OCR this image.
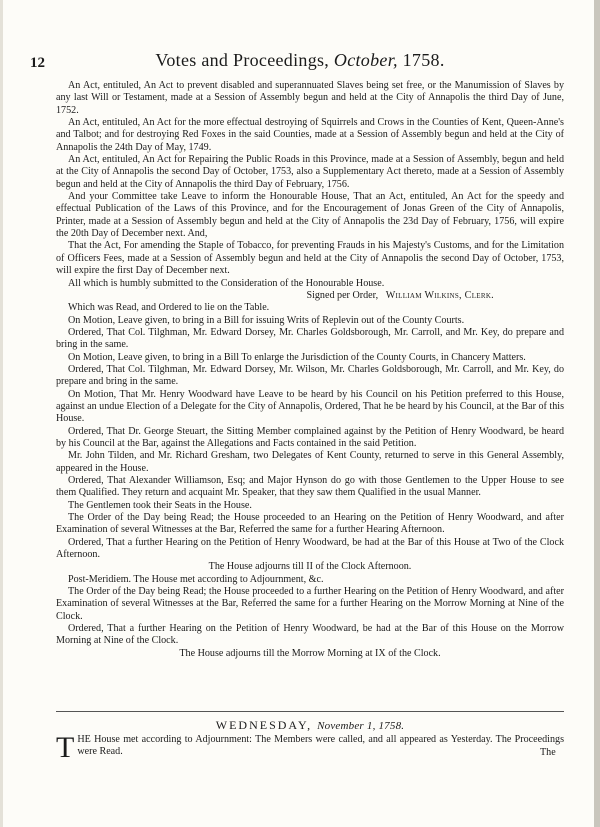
12	Votes and Proceedings, October, 1758.

An Act, entituled, An Act to prevent disabled and superannuated Slaves being set free, or the Manumission of Slaves by any last Will or Testament, made at a Session of Assembly begun and held at the City of Annapolis the third Day of June, 1752.

An Act, entituled, An Act for the more effectual destroying of Squirrels and Crows in the Counties of Kent, Queen-Anne's and Talbot; and for destroying Red Foxes in the said Counties, made at a Session of Assembly begun and held at the City of Annapolis the 24th Day of May, 1749.

An Act, entituled, An Act for Repairing the Public Roads in this Province, made at a Session of Assembly, begun and held at the City of Annapolis the second Day of October, 1753, also a Supplementary Act thereto, made at a Session of Assembly begun and held at the City of Annapolis the third Day of February, 1756.

And your Committee take Leave to inform the Honourable House, That an Act, entituled, An Act for the speedy and effectual Publication of the Laws of this Province, and for the Encouragement of Jonas Green of the City of Annapolis, Printer, made at a Session of Assembly begun and held at the City of Annapolis the 23d Day of February, 1756, will expire the 20th Day of December next. And,

That the Act, For amending the Staple of Tobacco, for preventing Frauds in his Majesty's Customs, and for the Limitation of Officers Fees, made at a Session of Assembly begun and held at the City of Annapolis the second Day of October, 1753, will expire the first Day of December next.

All which is humbly submitted to the Consideration of the Honourable House.

Signed per Order, William Wilkins, Clerk.

Which was Read, and Ordered to lie on the Table.

On Motion, Leave given, to bring in a Bill for issuing Writs of Replevin out of the County Courts.

Ordered, That Col. Tilghman, Mr. Edward Dorsey, Mr. Charles Goldsborough, Mr. Carroll, and Mr. Key, do prepare and bring in the same.

On Motion, Leave given, to bring in a Bill To enlarge the Jurisdiction of the County Courts, in Chancery Matters.

Ordered, That Col. Tilghman, Mr. Edward Dorsey, Mr. Wilson, Mr. Charles Goldsborough, Mr. Carroll, and Mr. Key, do prepare and bring in the same.

On Motion, That Mr. Henry Woodward have Leave to be heard by his Council on his Petition preferred to this House, against an undue Election of a Delegate for the City of Annapolis, Ordered, That he be heard by his Council, at the Bar of this House.

Ordered, That Dr. George Steuart, the Sitting Member complained against by the Petition of Henry Woodward, be heard by his Council at the Bar, against the Allegations and Facts contained in the said Petition.

Mr. John Tilden, and Mr. Richard Gresham, two Delegates of Kent County, returned to serve in this General Assembly, appeared in the House.

Ordered, That Alexander Williamson, Esq; and Major Hynson do go with those Gentlemen to the Upper House to see them Qualified. They return and acquaint Mr. Speaker, that they saw them Qualified in the usual Manner.

The Gentlemen took their Seats in the House.

The Order of the Day being Read; the House proceeded to an Hearing on the Petition of Henry Woodward, and after Examination of several Witnesses at the Bar, Referred the same for a further Hearing Afternoon.

Ordered, That a further Hearing on the Petition of Henry Woodward, be had at the Bar of this House at Two of the Clock Afternoon.

The House adjourns till II of the Clock Afternoon.

Post-Meridiem. The House met according to Adjournment, &c.

The Order of the Day being Read; the House proceeded to a further Hearing on the Petition of Henry Woodward, and after Examination of several Witnesses at the Bar, Referred the same for a further Hearing on the Morrow Morning at Nine of the Clock.

Ordered, That a further Hearing on the Petition of Henry Woodward, be had at the Bar of this House on the Morrow Morning at Nine of the Clock.

The House adjourns till the Morrow Morning at IX of the Clock.

WEDNESDAY, November 1, 1758.
THE House met according to Adjournment: The Members were called, and all appeared as Yesterday. The Proceedings were Read.	The
